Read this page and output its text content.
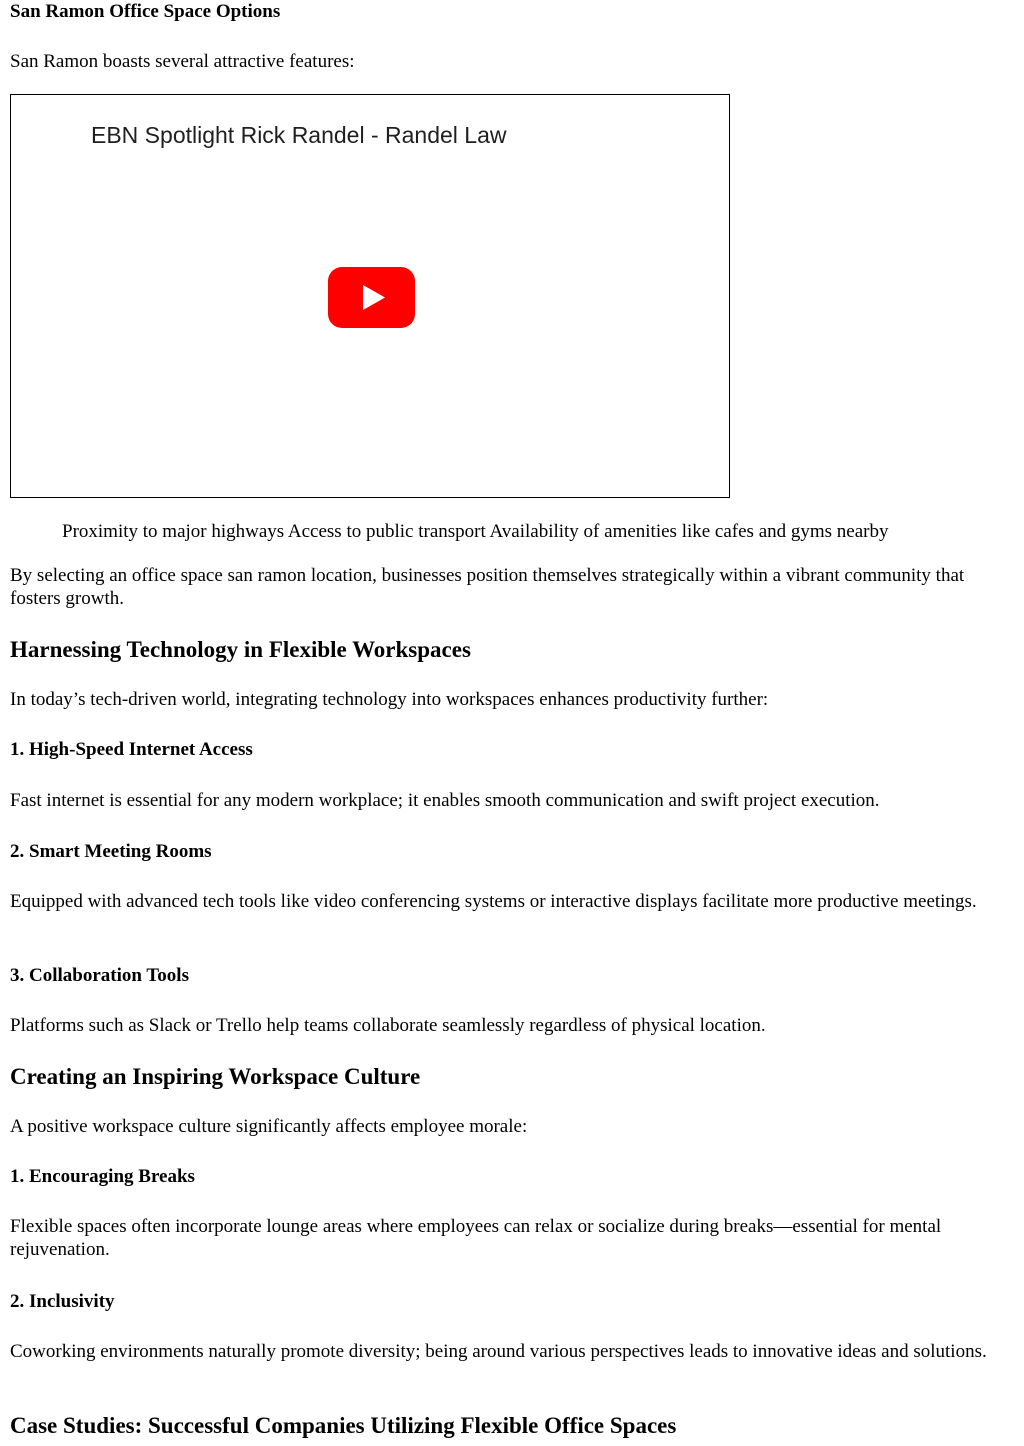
San Ramon Office Space Options

San Ramon boasts several attractive features:

EBN Spotlight Rick Randel - Randel Law
Proximity to major highways Access to public transport Availability of amenities like cafes and gyms nearby

By selecting an office space san ramon location, businesses position themselves strategically within a vibrant community that fosters growth.

Harnessing Technology in Flexible Workspaces

In today’s tech-driven world, integrating technology into workspaces enhances productivity further:

1. High-Speed Internet Access

Fast internet is essential for any modern workplace; it enables smooth communication and swift project execution.

2. Smart Meeting Rooms

Equipped with advanced tech tools like video conferencing systems or interactive displays facilitate more productive meetings.

3. Collaboration Tools

Platforms such as Slack or Trello help teams collaborate seamlessly regardless of physical location.

Creating an Inspiring Workspace Culture

A positive workspace culture significantly affects employee morale:

1. Encouraging Breaks

Flexible spaces often incorporate lounge areas where employees can relax or socialize during breaks—essential for mental rejuvenation.

2. Inclusivity

Coworking environments naturally promote diversity; being around various perspectives leads to innovative ideas and solutions.

Case Studies: Successful Companies Utilizing Flexible Office Spaces
